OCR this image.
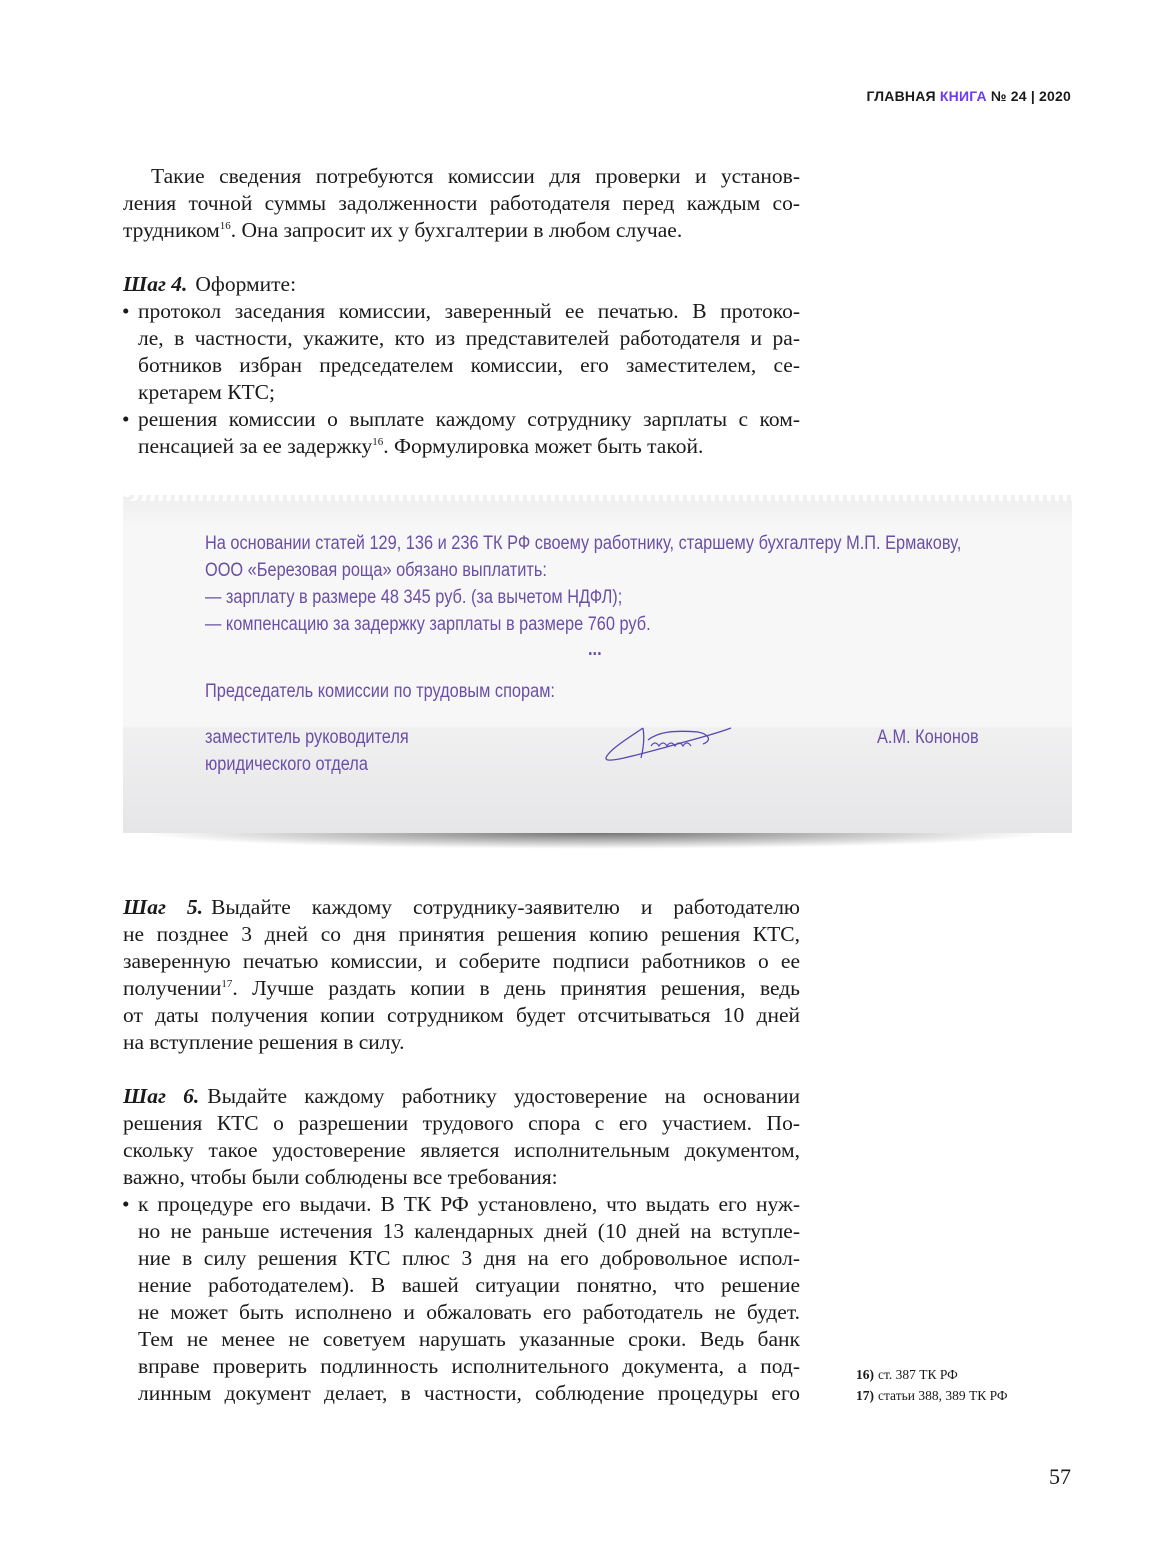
ГЛАВНАЯ КНИГА № 24 | 2020
Такие сведения потребуются комиссии для проверки и установ-
ления точной суммы задолженности работодателя перед каждым со-
трудником$^{16}$. Она запросит их у бухгалтерии в любом случае.
Шаг 4. Оформите:
• протокол заседания комиссии, заверенный ее печатью. В протоко-
ле, в частности, укажите, кто из представителей работодателя и ра-
ботников избран председателем комиссии, его заместителем, се-
кретарем КТС;
• решения комиссии о выплате каждому сотруднику зарплаты с ком-
пенсацией за ее задержку$^{16}$. Формулировка может быть такой.
На основании статей 129, 136 и 236 ТК РФ своему работнику, старшему бухгалтеру М.П. Ермакову,
ООО «Березовая роща» обязано выплатить:
— зарплату в размере 48 345 руб. (за вычетом НДФЛ);
— компенсацию за задержку зарплаты в размере 760 руб.
...
Председатель комиссии по трудовым спорам:
заместитель руководителя
юридического отдела
А.М. Кононов
Шаг 5. Выдайте каждому сотруднику-заявителю и работодателю
не позднее 3 дней со дня принятия решения копию решения КТС,
заверенную печатью комиссии, и соберите подписи работников о ее
получении$^{17}$. Лучше раздать копии в день принятия решения, ведь
от даты получения копии сотрудником будет отсчитываться 10 дней
на вступление решения в силу.
Шаг 6. Выдайте каждому работнику удостоверение на основании
решения КТС о разрешении трудового спора с его участием. По-
скольку такое удостоверение является исполнительным документом,
важно, чтобы были соблюдены все требования:
• к процедуре его выдачи. В ТК РФ установлено, что выдать его нуж-
но не раньше истечения 13 календарных дней (10 дней на вступле-
ние в силу решения КТС плюс 3 дня на его добровольное испол-
нение работодателем). В вашей ситуации понятно, что решение
не может быть исполнено и обжаловать его работодатель не будет.
Тем не менее не советуем нарушать указанные сроки. Ведь банк
вправе проверить подлинность исполнительного документа, а под-
линным документ делает, в частности, соблюдение процедуры его
16) ст. 387 ТК РФ
17) статьи 388, 389 ТК РФ
57
